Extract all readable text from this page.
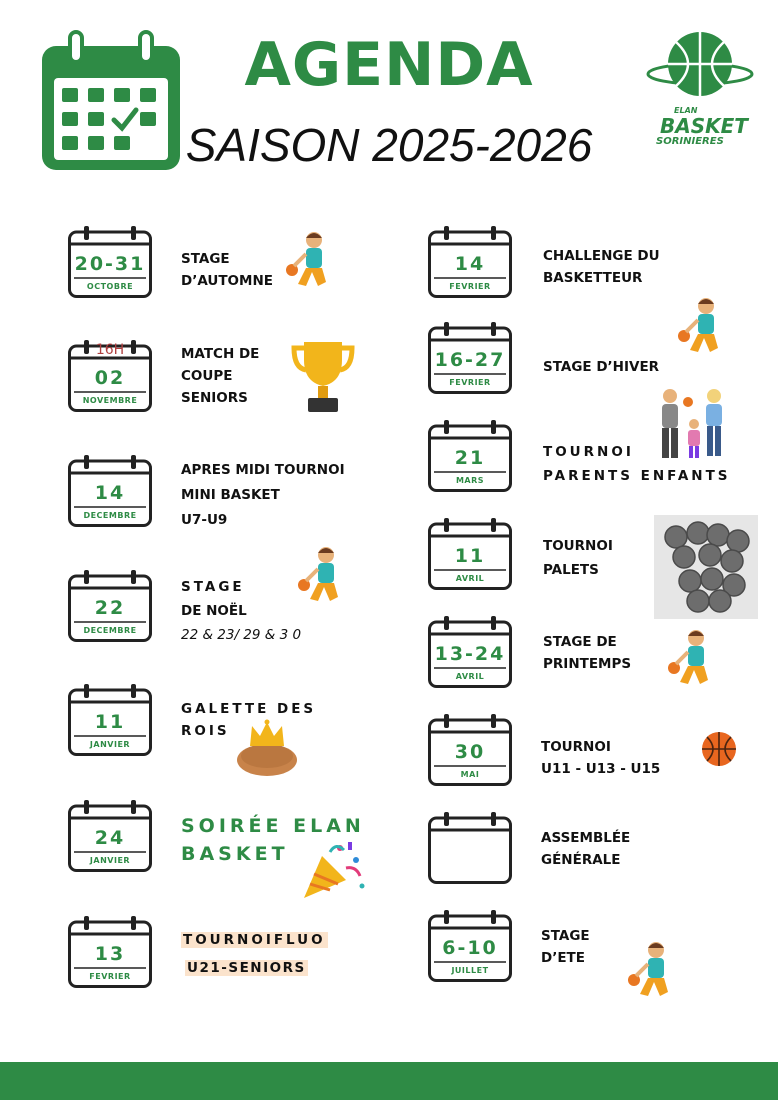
AGENDA
SAISON 2025-2026
ELAN
BASKET
SORINIERES
20-31
OCTOBRE
STAGE
D’AUTOMNE
16H
02
NOVEMBRE
MATCH DE
COUPE
SENIORS
14
DECEMBRE
APRES MIDI TOURNOI
MINI BASKET
U7-U9
22
DECEMBRE
STAGE
DE NOËL
22 & 23/ 29 & 3 0
11
JANVIER
GALETTE DES
ROIS
24
JANVIER
SOIRÉE ELAN
BASKET
13
FEVRIER
TOURNOIFLUO
U21-SENIORS
14
FEVRIER
CHALLENGE DU
BASKETTEUR
16-27
FEVRIER
STAGE D’HIVER
21
MARS
TOURNOI
PARENTS ENFANTS
11
AVRIL
TOURNOI
PALETS
13-24
AVRIL
STAGE DE
PRINTEMPS
30
MAI
TOURNOI
U11 - U13 - U15
ASSEMBLÉE
GÉNÉRALE
6-10
JUILLET
STAGE
D’ETE
